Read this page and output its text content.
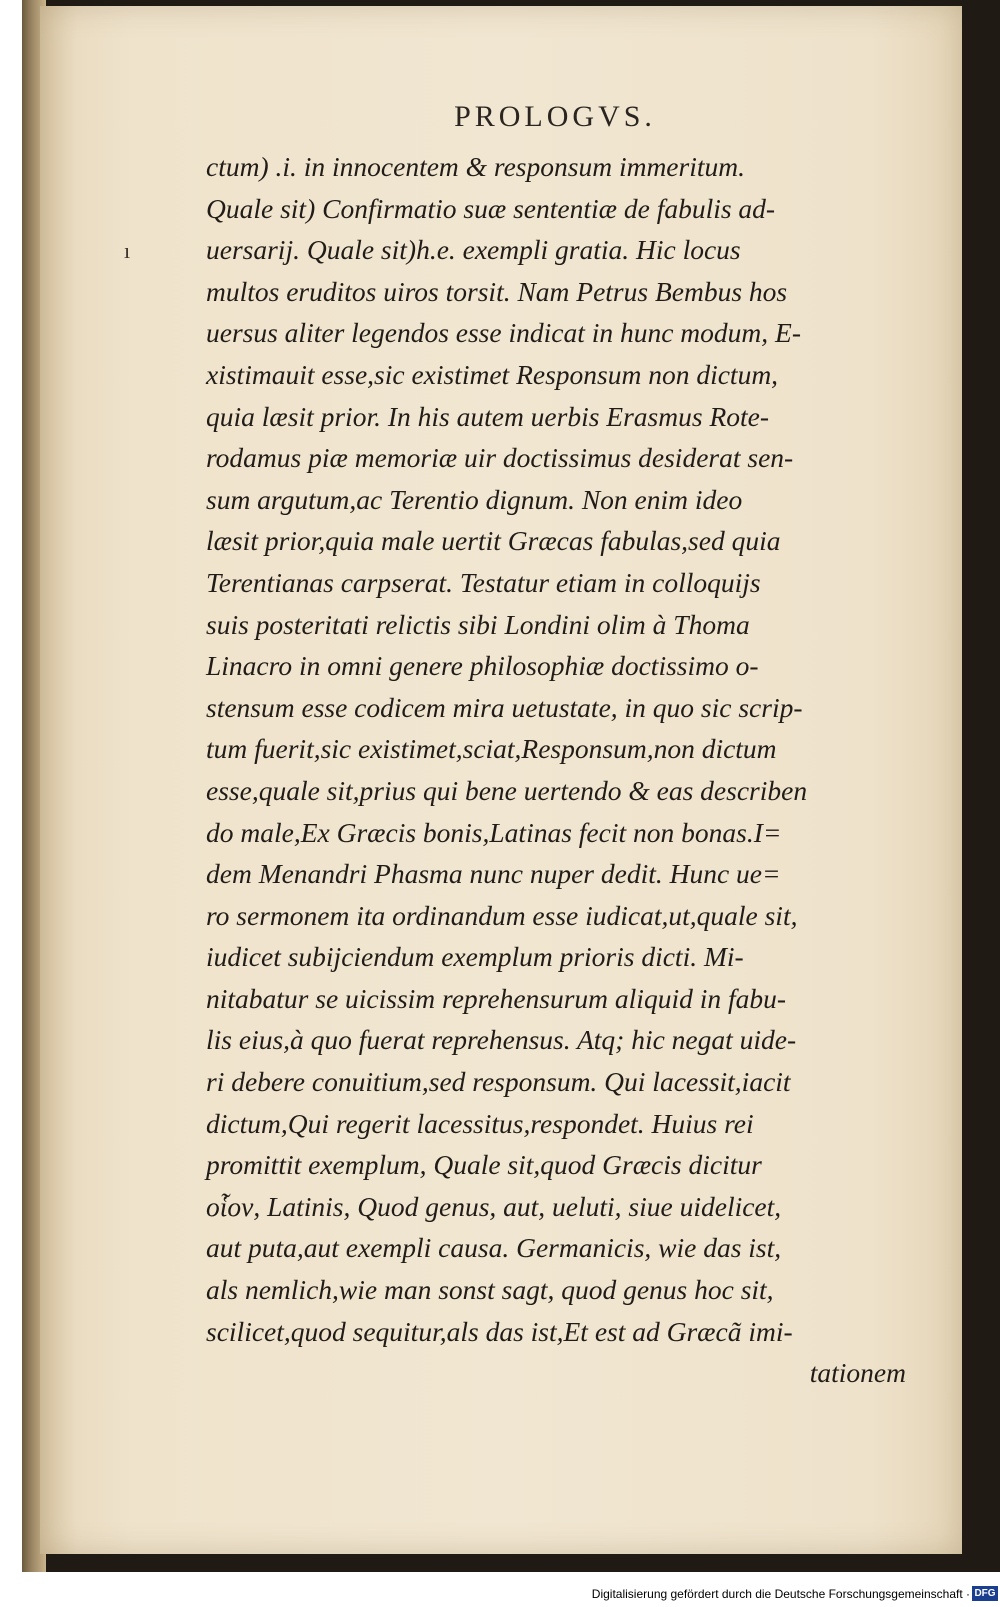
PROLOGVS.
ctum) .i. in innocentem & responsum immeritum.
Quale sit) Confirmatio suæ sententiæ de fabulis ad-
uersarij. Quale sit)h.e. exempli gratia. Hic locus
multos eruditos uiros torsit. Nam Petrus Bembus hos
uersus aliter legendos esse indicat in hunc modum, E-
xistimauit esse,sic existimet Responsum non dictum,
quia læsit prior. In his autem uerbis Erasmus Rote-
rodamus piæ memoriæ uir doctissimus desiderat sen-
sum argutum,ac Terentio dignum. Non enim ideo
læsit prior,quia male uertit Græcas fabulas,sed quia
Terentianas carpserat. Testatur etiam in colloquijs
suis posteritati relictis sibi Londini olim à Thoma
Linacro in omni genere philosophiæ doctissimo o-
stensum esse codicem mira uetustate, in quo sic scrip-
tum fuerit,sic existimet,sciat,Responsum,non dictum
esse,quale sit,prius qui bene uertendo & eas describen
do male,Ex Græcis bonis,Latinas fecit non bonas.I=
dem Menandri Phasma nunc nuper dedit. Hunc ue=
ro sermonem ita ordinandum esse iudicat,ut,quale sit,
iudicet subijciendum exemplum prioris dicti. Mi-
nitabatur se uicissim reprehensurum aliquid in fabu-
lis eius,à quo fuerat reprehensus. Atq; hic negat uide-
ri debere conuitium,sed responsum. Qui lacessit,iacit
dictum,Qui regerit lacessitus,respondet. Huius rei
promittit exemplum, Quale sit,quod Græcis dicitur
οἷον, Latinis, Quod genus, aut, ueluti, siue uidelicet,
aut puta,aut exempli causa. Germanicis, wie das ist,
als nemlich,wie man sonst sagt, quod genus hoc sit,
scilicet,quod sequitur,als das ist,Et est ad Græcã imi-
tationem
ı
Digitalisierung gefördert durch die Deutsche Forschungsgemeinschaft · DFG
